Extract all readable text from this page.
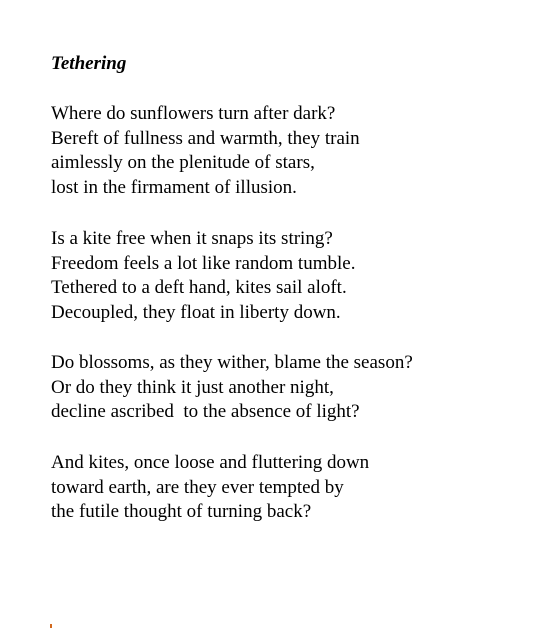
Tethering
Where do sunflowers turn after dark?
Bereft of fullness and warmth, they train
aimlessly on the plenitude of stars,
lost in the firmament of illusion.
Is a kite free when it snaps its string?
Freedom feels a lot like random tumble.
Tethered to a deft hand, kites sail aloft.
Decoupled, they float in liberty down.
Do blossoms, as they wither, blame the season?
Or do they think it just another night,
decline ascribed  to the absence of light?
And kites, once loose and fluttering down
toward earth, are they ever tempted by
the futile thought of turning back?
